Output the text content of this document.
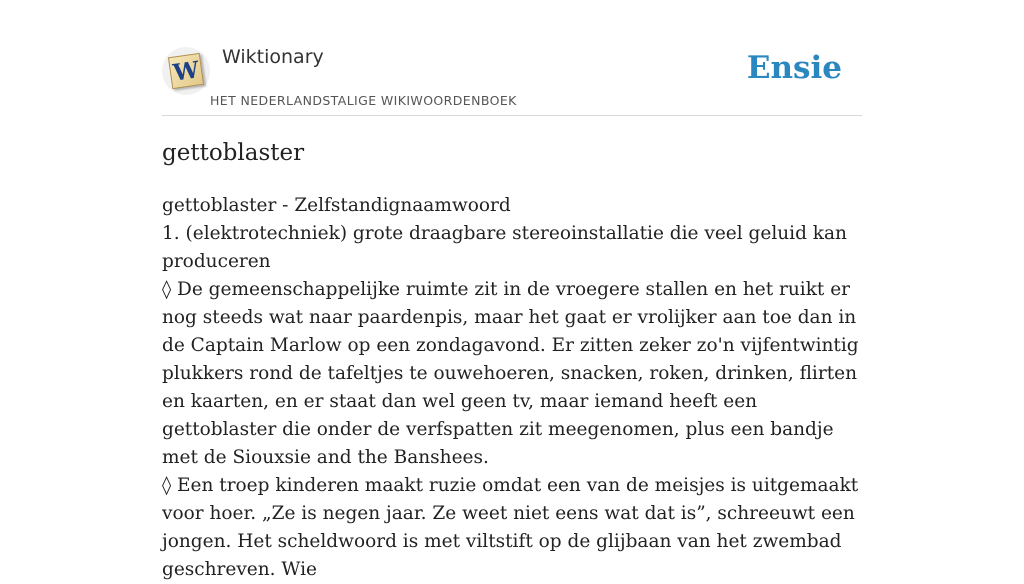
W Wiktionary
HET NEDERLANDSTALIGE WIKIWOORDENBOEK
Ensie
gettoblaster

gettoblaster - Zelfstandignaamwoord

1. (elektrotechniek) grote draagbare stereoinstallatie die veel geluid kan produceren

◊ De gemeenschappelijke ruimte zit in de vroegere stallen en het ruikt er nog steeds wat naar paardenpis, maar het gaat er vrolijker aan toe dan in de Captain Marlow op een zondagavond. Er zitten zeker zo'n vijfentwintig plukkers rond de tafeltjes te ouwehoeren, snacken, roken, drinken, flirten en kaarten, en er staat dan wel geen tv, maar iemand heeft een gettoblaster die onder de verfspatten zit meegenomen, plus een bandje met de Siouxsie and the Banshees.

◊ Een troep kinderen maakt ruzie omdat een van de meisjes is uitgemaakt voor hoer. „Ze is negen jaar. Ze weet niet eens wat dat is”, schreeuwt een jongen. Het scheldwoord is met viltstift op de glijbaan van het zwembad geschreven. Wie
